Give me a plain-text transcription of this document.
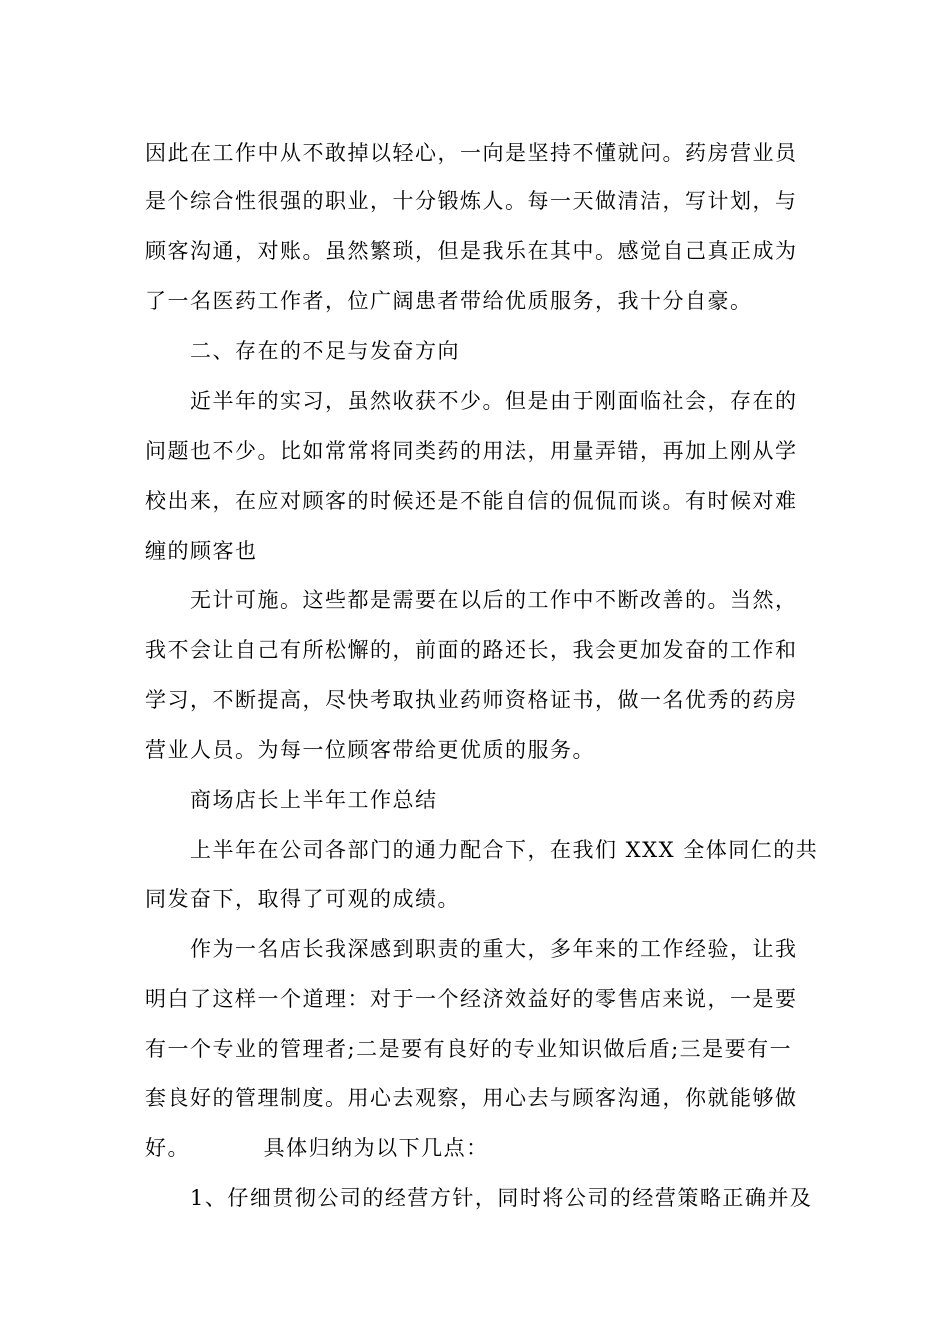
因此在工作中从不敢掉以轻心，一向是坚持不懂就问。药房营业员
是个综合性很强的职业，十分锻炼人。每一天做清洁，写计划，与
顾客沟通，对账。虽然繁琐，但是我乐在其中。感觉自己真正成为
了一名医药工作者，位广阔患者带给优质服务，我十分自豪。
二、存在的不足与发奋方向
近半年的实习，虽然收获不少。但是由于刚面临社会，存在的
问题也不少。比如常常将同类药的用法，用量弄错，再加上刚从学
校出来，在应对顾客的时候还是不能自信的侃侃而谈。有时候对难
缠的顾客也
无计可施。这些都是需要在以后的工作中不断改善的。当然，
我不会让自己有所松懈的，前面的路还长，我会更加发奋的工作和
学习，不断提高，尽快考取执业药师资格证书，做一名优秀的药房
营业人员。为每一位顾客带给更优质的服务。
商场店长上半年工作总结
上半年在公司各部门的通力配合下，在我们 XXX 全体同仁的共
同发奋下，取得了可观的成绩。
作为一名店长我深感到职责的重大，多年来的工作经验，让我
明白了这样一个道理：对于一个经济效益好的零售店来说，一是要
有一个专业的管理者;二是要有良好的专业知识做后盾;三是要有一
套良好的管理制度。用心去观察，用心去与顾客沟通，你就能够做
好。         具体归纳为以下几点：
1、仔细贯彻公司的经营方针，同时将公司的经营策略正确并及
